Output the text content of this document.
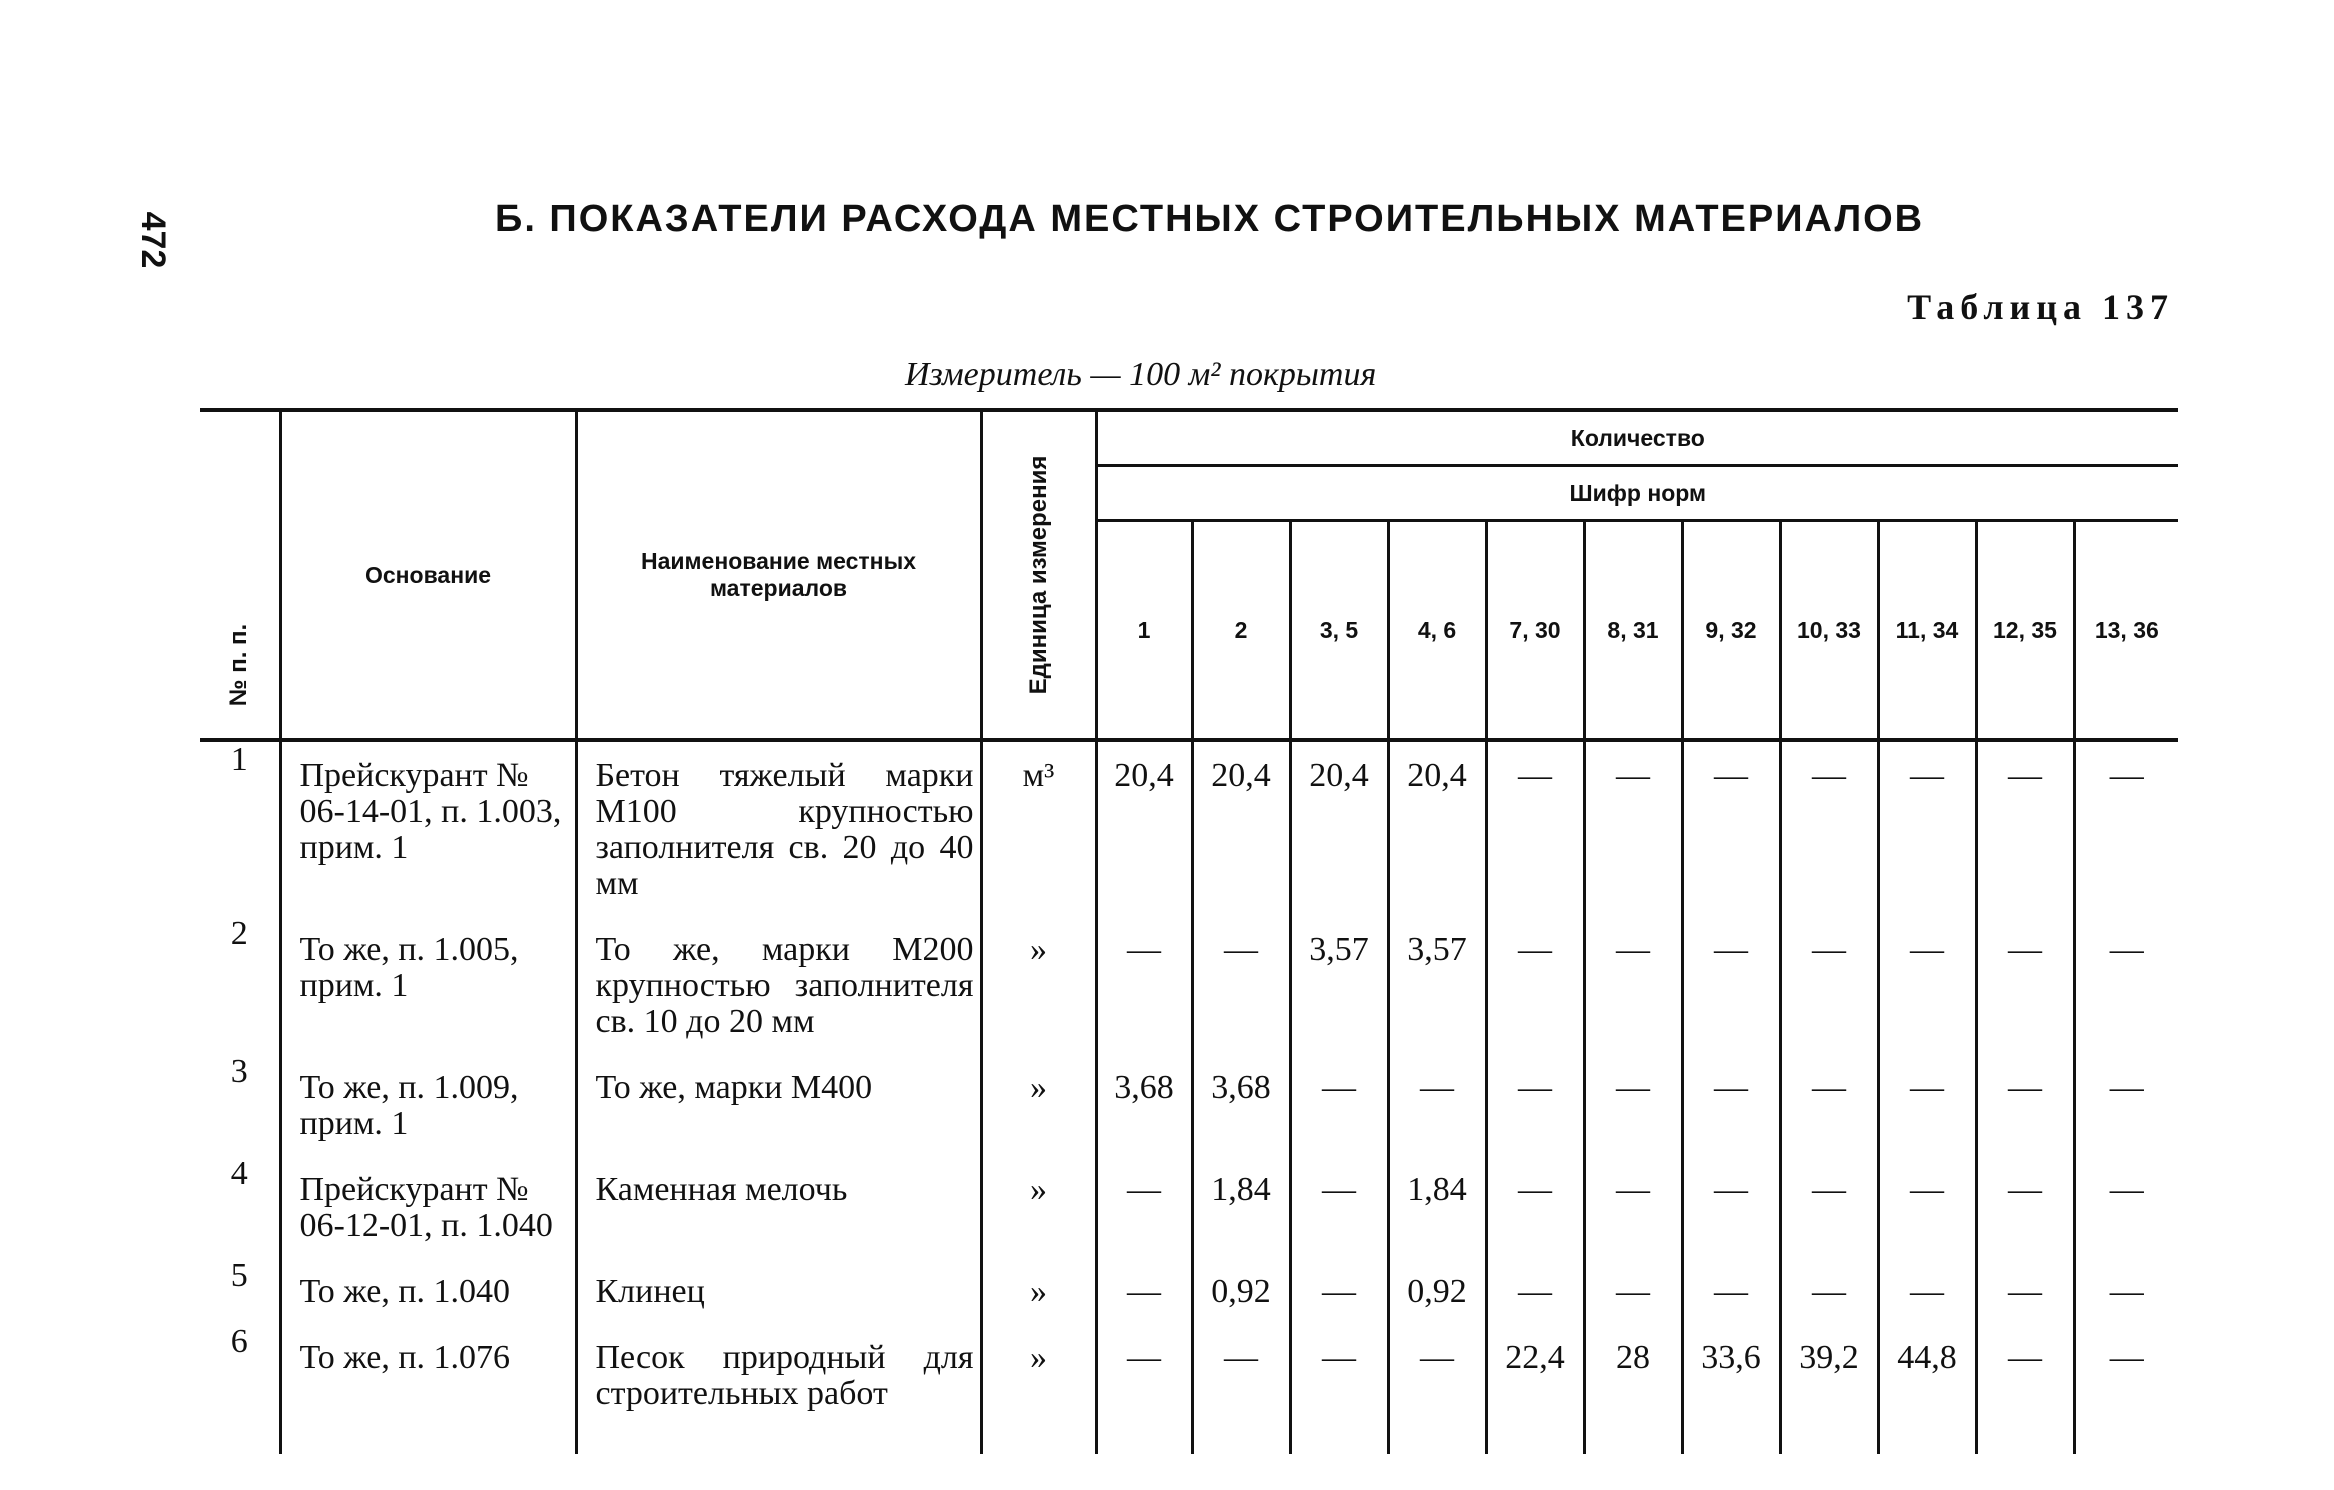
472	Б. ПОКАЗАТЕЛИ РАСХОДА МЕСТНЫХ СТРОИТЕЛЬНЫХ МАТЕРИАЛОВ
Таблица 137
Измеритель — 100 м² покрытия
№ п. п.	Основание	Наименование местных материалов	Единица измерения	Количество										
				Шифр норм										
				1	2	3, 5	4, 6	7, 30	8, 31	9, 32	10, 33	11, 34	12, 35	13, 36
1	Прейскурант № 06-14-01, п. 1.003, прим. 1	Бетон тяжелый марки М100 крупностью заполнителя св. 20 до 40 мм	м³	20,4	20,4	20,4	20,4	—	—	—	—	—	—	—
2	То же, п. 1.005, прим. 1	То же, марки М200 крупностью заполнителя св. 10 до 20 мм	»	—	—	3,57	3,57	—	—	—	—	—	—	—
3	То же, п. 1.009, прим. 1	То же, марки М400	»	3,68	3,68	—	—	—	—	—	—	—	—	—
4	Прейскурант № 06-12-01, п. 1.040	Каменная мелочь	»	—	1,84	—	1,84	—	—	—	—	—	—	—
5	То же, п. 1.040	Клинец	»	—	0,92	—	0,92	—	—	—	—	—	—	—
6	То же, п. 1.076	Песок природный для строительных работ	»	—	—	—	—	22,4	28	33,6	39,2	44,8	—	—
